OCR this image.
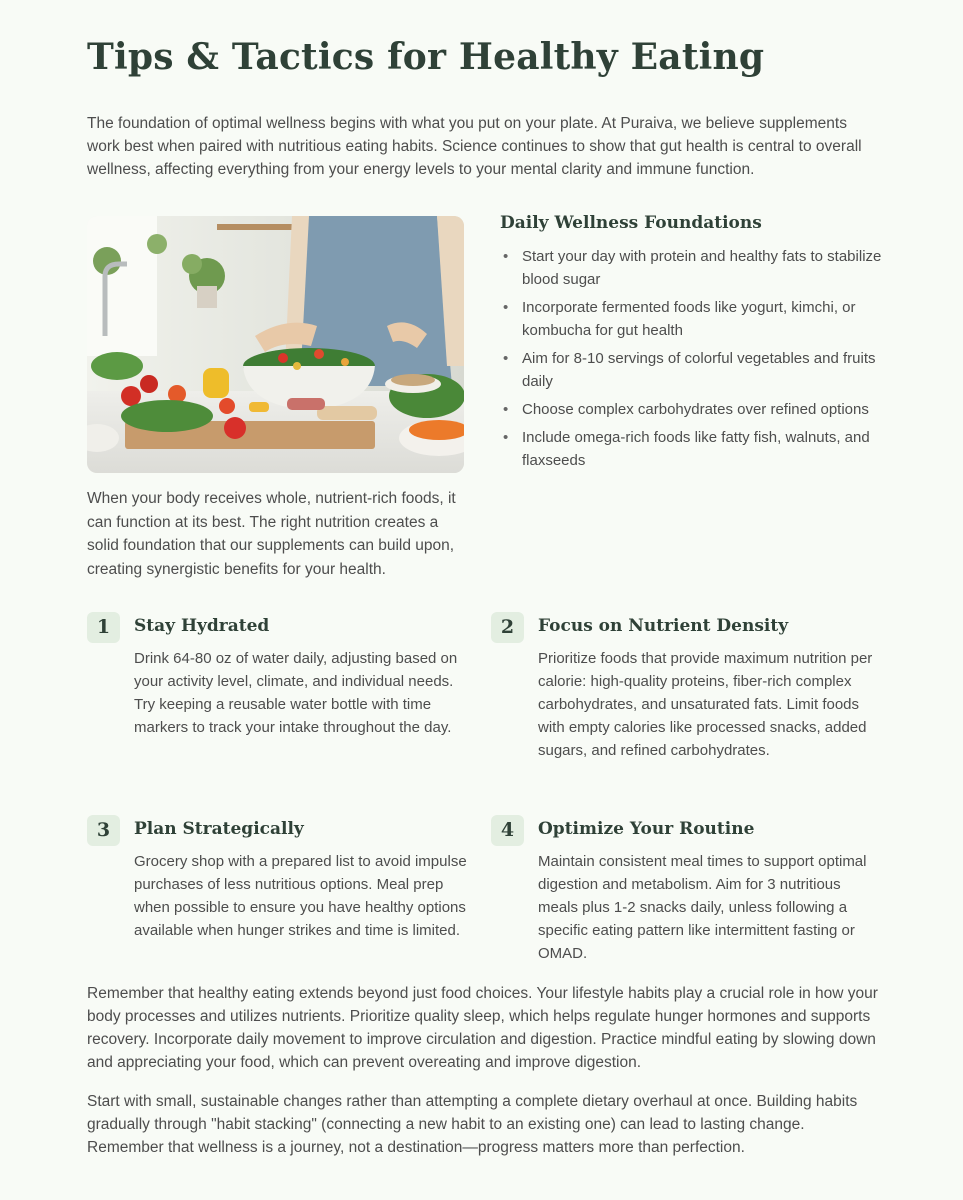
Tips & Tactics for Healthy Eating

The foundation of optimal wellness begins with what you put on your plate. At Puraiva, we believe supplements work best when paired with nutritious eating habits. Science continues to show that gut health is central to overall wellness, affecting everything from your energy levels to your mental clarity and immune function.

When your body receives whole, nutrient-rich foods, it can function at its best. The right nutrition creates a solid foundation that our supplements can build upon, creating synergistic benefits for your health.

Daily Wellness Foundations
• Start your day with protein and healthy fats to stabilize blood sugar
• Incorporate fermented foods like yogurt, kimchi, or kombucha for gut health
• Aim for 8-10 servings of colorful vegetables and fruits daily
• Choose complex carbohydrates over refined options
• Include omega-rich foods like fatty fish, walnuts, and flaxseeds
1	Stay Hydrated

Drink 64-80 oz of water daily, adjusting based on your activity level, climate, and individual needs. Try keeping a reusable water bottle with time markers to track your intake throughout the day.

2	Focus on Nutrient Density

Prioritize foods that provide maximum nutrition per calorie: high-quality proteins, fiber-rich complex carbohydrates, and unsaturated fats. Limit foods with empty calories like processed snacks, added sugars, and refined carbohydrates.

3	Plan Strategically

Grocery shop with a prepared list to avoid impulse purchases of less nutritious options. Meal prep when possible to ensure you have healthy options available when hunger strikes and time is limited.

4	Optimize Your Routine

Maintain consistent meal times to support optimal digestion and metabolism. Aim for 3 nutritious meals plus 1-2 snacks daily, unless following a specific eating pattern like intermittent fasting or OMAD.

Remember that healthy eating extends beyond just food choices. Your lifestyle habits play a crucial role in how your body processes and utilizes nutrients. Prioritize quality sleep, which helps regulate hunger hormones and supports recovery. Incorporate daily movement to improve circulation and digestion. Practice mindful eating by slowing down and appreciating your food, which can prevent overeating and improve digestion.

Start with small, sustainable changes rather than attempting a complete dietary overhaul at once. Building habits gradually through "habit stacking" (connecting a new habit to an existing one) can lead to lasting change. Remember that wellness is a journey, not a destination—progress matters more than perfection.
